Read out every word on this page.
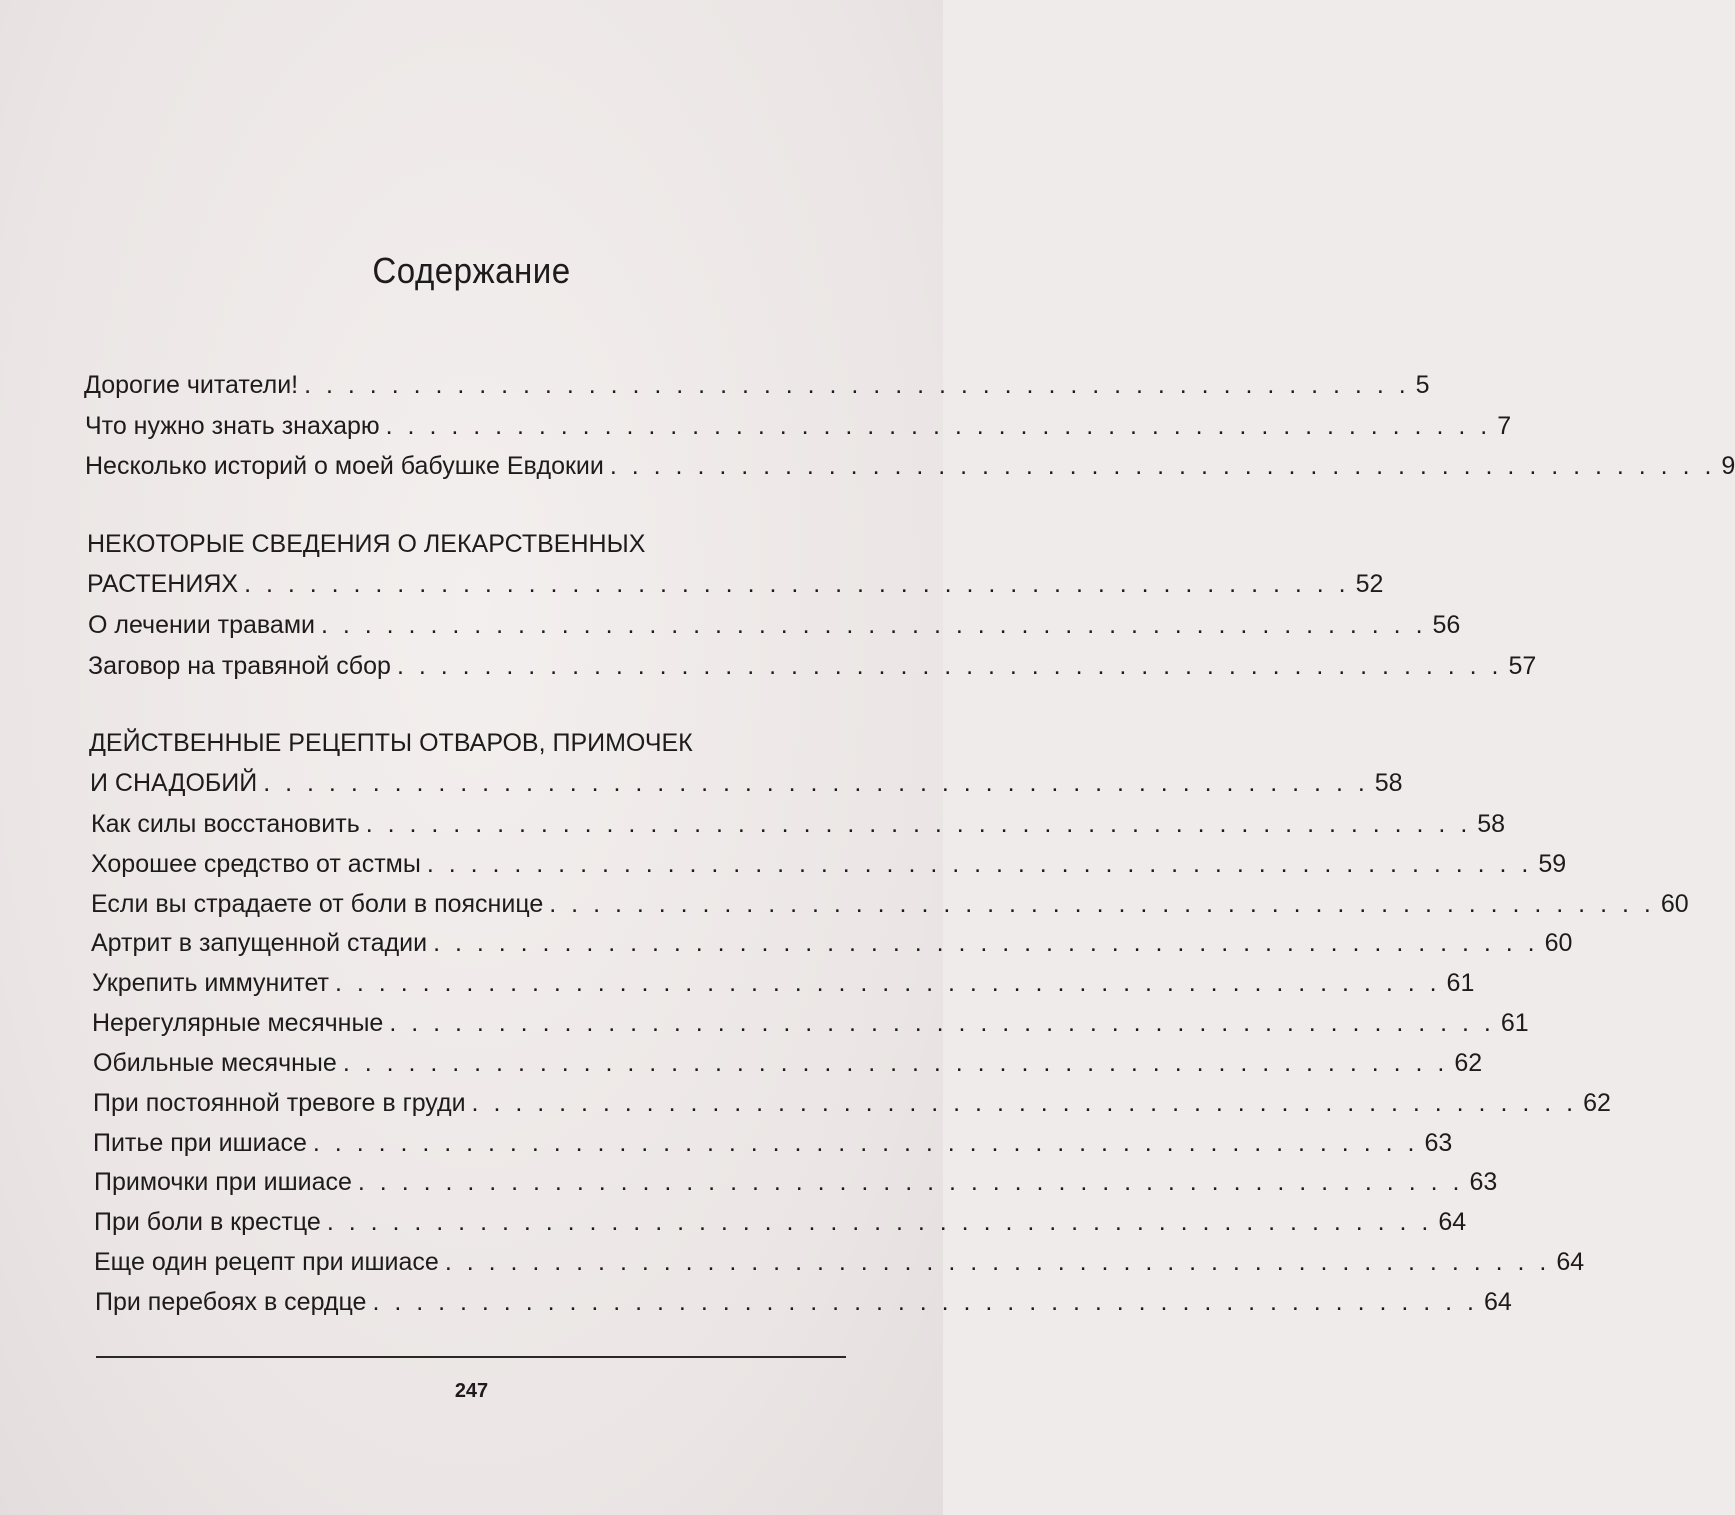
Содержание
Дорогие читатели! . . . . . . . . . . . . . . . . . . . . . . . . . . . . . . . . . . . . . . . . . . . . . . . . . . . 5
Что нужно знать знахарю . . . . . . . . . . . . . . . . . . . . . . . . . . . . . . . . . . . . . . . . . . . . . . . . . . . 7
Несколько историй о моей бабушке Евдокии . . . . . . . . . . . . . . . . . . . . . . . . . . . . . . . . . . . . . . . . . . . . . . . . . . . 9
НЕКОТОРЫЕ СВЕДЕНИЯ О ЛЕКАРСТВЕННЫХ
РАСТЕНИЯХ . . . . . . . . . . . . . . . . . . . . . . . . . . . . . . . . . . . . . . . . . . . . . . . . . . . 52
О лечении травами . . . . . . . . . . . . . . . . . . . . . . . . . . . . . . . . . . . . . . . . . . . . . . . . . . . 56
Заговор на травяной сбор . . . . . . . . . . . . . . . . . . . . . . . . . . . . . . . . . . . . . . . . . . . . . . . . . . . 57
ДЕЙСТВЕННЫЕ РЕЦЕПТЫ ОТВАРОВ, ПРИМОЧЕК
И СНАДОБИЙ . . . . . . . . . . . . . . . . . . . . . . . . . . . . . . . . . . . . . . . . . . . . . . . . . . . 58
Как силы восстановить . . . . . . . . . . . . . . . . . . . . . . . . . . . . . . . . . . . . . . . . . . . . . . . . . . . 58
Хорошее средство от астмы . . . . . . . . . . . . . . . . . . . . . . . . . . . . . . . . . . . . . . . . . . . . . . . . . . . 59
Если вы страдаете от боли в пояснице . . . . . . . . . . . . . . . . . . . . . . . . . . . . . . . . . . . . . . . . . . . . . . . . . . . 60
Артрит в запущенной стадии . . . . . . . . . . . . . . . . . . . . . . . . . . . . . . . . . . . . . . . . . . . . . . . . . . . 60
Укрепить иммунитет . . . . . . . . . . . . . . . . . . . . . . . . . . . . . . . . . . . . . . . . . . . . . . . . . . . 61
Нерегулярные месячные . . . . . . . . . . . . . . . . . . . . . . . . . . . . . . . . . . . . . . . . . . . . . . . . . . . 61
Обильные месячные . . . . . . . . . . . . . . . . . . . . . . . . . . . . . . . . . . . . . . . . . . . . . . . . . . . 62
При постоянной тревоге в груди . . . . . . . . . . . . . . . . . . . . . . . . . . . . . . . . . . . . . . . . . . . . . . . . . . . 62
Питье при ишиасе . . . . . . . . . . . . . . . . . . . . . . . . . . . . . . . . . . . . . . . . . . . . . . . . . . . 63
Примочки при ишиасе . . . . . . . . . . . . . . . . . . . . . . . . . . . . . . . . . . . . . . . . . . . . . . . . . . . 63
При боли в крестце . . . . . . . . . . . . . . . . . . . . . . . . . . . . . . . . . . . . . . . . . . . . . . . . . . . 64
Еще один рецепт при ишиасе . . . . . . . . . . . . . . . . . . . . . . . . . . . . . . . . . . . . . . . . . . . . . . . . . . . 64
При перебоях в сердце . . . . . . . . . . . . . . . . . . . . . . . . . . . . . . . . . . . . . . . . . . . . . . . . . . . 64
247
